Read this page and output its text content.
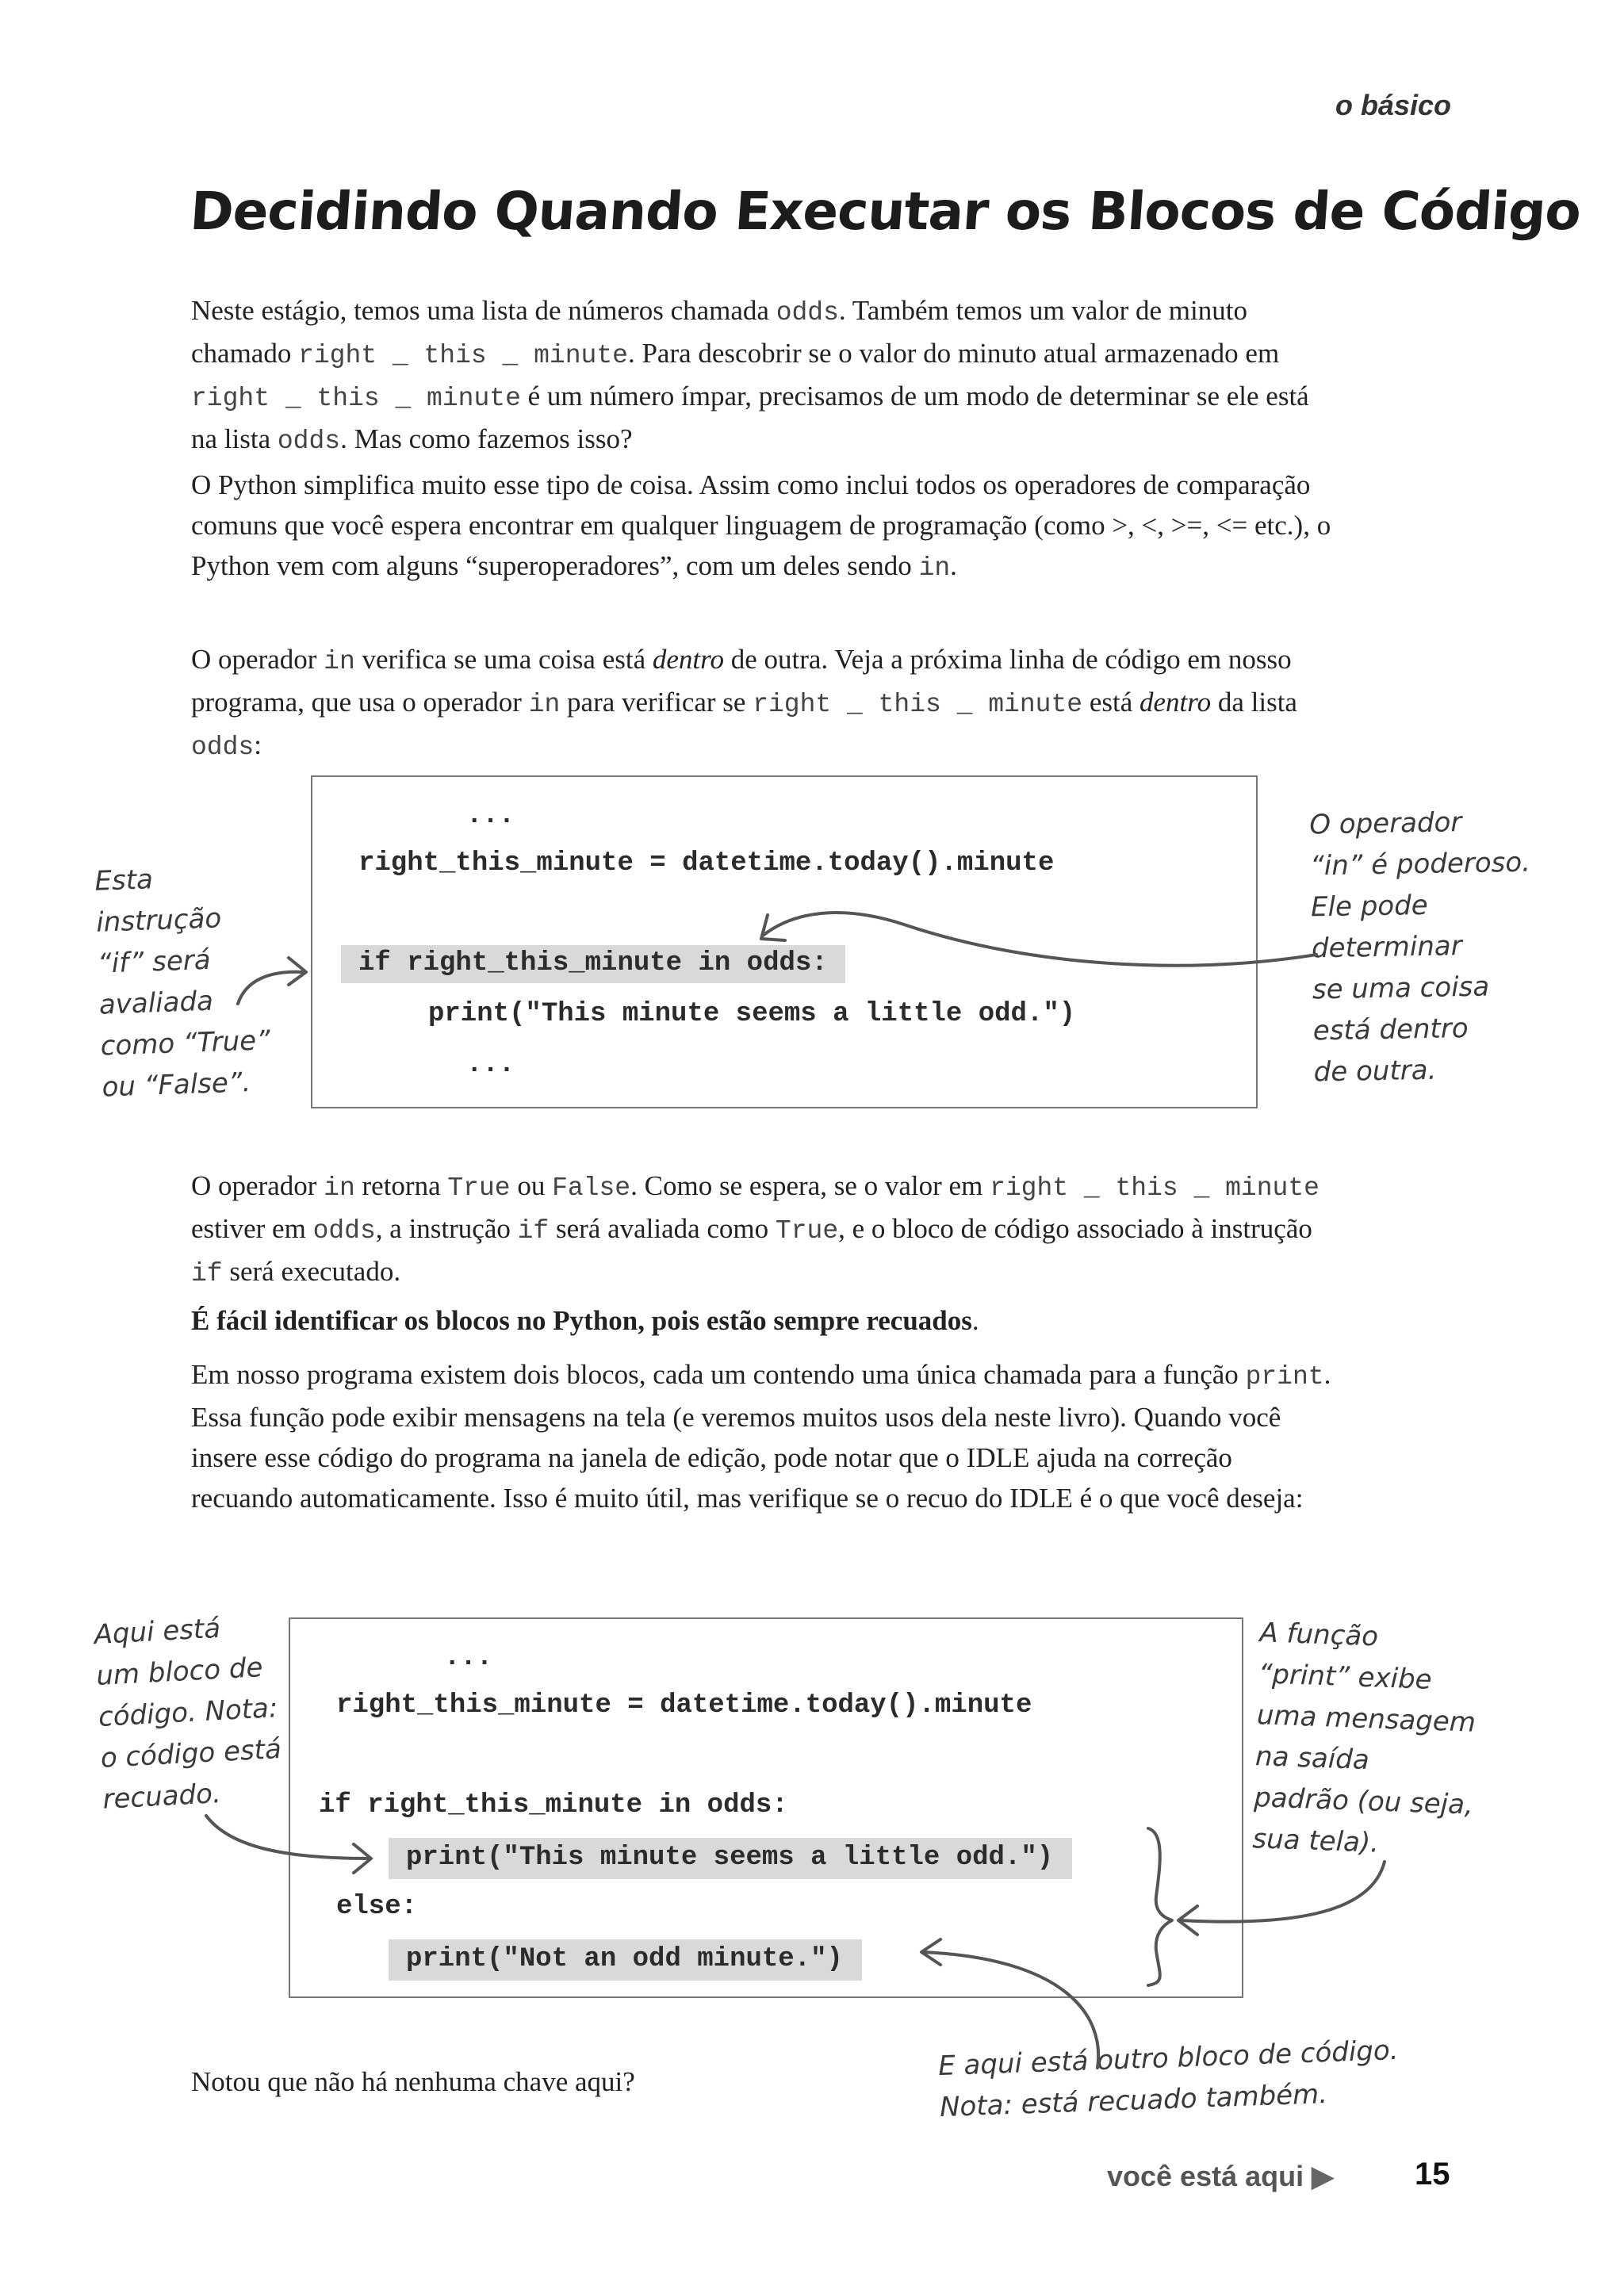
o básico
Decidindo Quando Executar os Blocos de Código

Neste estágio, temos uma lista de números chamada odds. Também temos um valor de minuto chamado right _ this _ minute. Para descobrir se o valor do minuto atual armazenado em right _ this _ minute é um número ímpar, precisamos de um modo de determinar se ele está na lista odds. Mas como fazemos isso?

O Python simplifica muito esse tipo de coisa. Assim como inclui todos os operadores de comparação comuns que você espera encontrar em qualquer linguagem de programação (como >, <, >=, <= etc.), o Python vem com alguns “superoperadores”, com um deles sendo in.

O operador in verifica se uma coisa está dentro de outra. Veja a próxima linha de código em nosso programa, que usa o operador in para verificar se right _ this _ minute está dentro da lista odds:

...
right_this_minute = datetime.today().minute
if right_this_minute in odds:
print("This minute seems a little odd.")
...
Esta
instrução
“if” será
avaliada
como “True”
ou “False”.
O operador
“in” é poderoso.
Ele pode
determinar
se uma coisa
está dentro
de outra.

O operador in retorna True ou False. Como se espera, se o valor em right _ this _ minute estiver em odds, a instrução if será avaliada como True, e o bloco de código associado à instrução if será executado.

É fácil identificar os blocos no Python, pois estão sempre recuados.

Em nosso programa existem dois blocos, cada um contendo uma única chamada para a função print. Essa função pode exibir mensagens na tela (e veremos muitos usos dela neste livro). Quando você insere esse código do programa na janela de edição, pode notar que o IDLE ajuda na correção recuando automaticamente. Isso é muito útil, mas verifique se o recuo do IDLE é o que você deseja:

...
right_this_minute = datetime.today().minute
if right_this_minute in odds:
print("This minute seems a little odd.")
else:
print("Not an odd minute.")
Aqui está
um bloco de
código. Nota:
o código está
recuado.
A função
“print” exibe
uma mensagem
na saída
padrão (ou seja,
sua tela).
E aqui está outro bloco de código.
Nota: está recuado também.

Notou que não há nenhuma chave aqui?

você está aqui ▶	15
